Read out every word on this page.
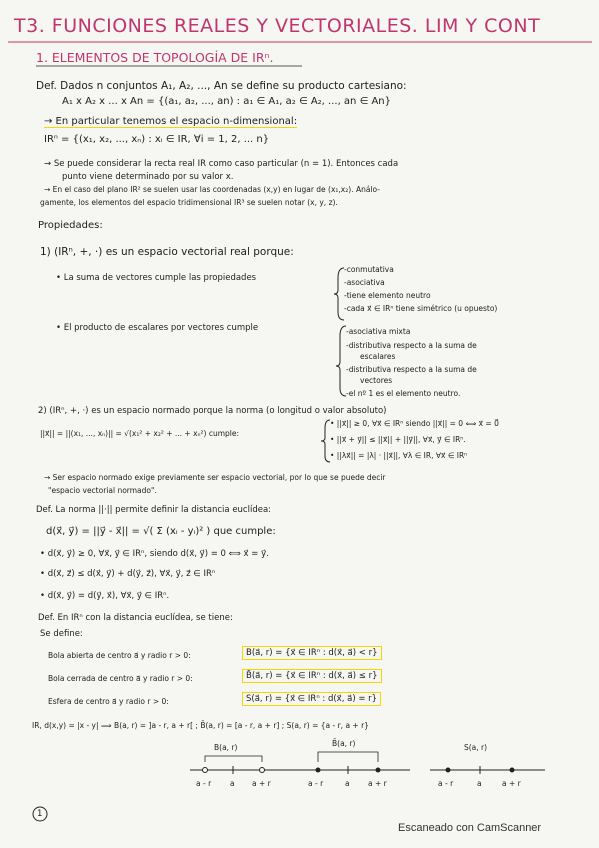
T3. FUNCIONES REALES Y VECTORIALES. LIM Y CONT
1. ELEMENTOS DE TOPOLOGÍA DE IRⁿ.
Def. Dados n conjuntos A₁, A₂, ..., An se define su producto cartesiano:
A₁ x A₂ x ... x An = {(a₁, a₂, ..., an) : a₁ ∈ A₁, a₂ ∈ A₂, ..., an ∈ An}
→ En particular tenemos el espacio n-dimensional:
IRⁿ = {(x₁, x₂, ..., xₙ) : xᵢ ∈ IR, ∀i = 1, 2, ... n}
→ Se puede considerar la recta real IR como caso particular (n = 1). Entonces cada
punto viene determinado por su valor x.
→ En el caso del plano IR² se suelen usar las coordenadas (x,y) en lugar de (x₁,x₂). Análo-
gamente, los elementos del espacio tridimensional IR³ se suelen notar (x, y, z).
Propiedades:
1) (IRⁿ, +, ·) es un espacio vectorial real porque:
• La suma de vectores cumple las propiedades
-conmutativa
-asociativa
-tiene elemento neutro
-cada x⃗ ∈ IRⁿ tiene simétrico (u opuesto)
• El producto de escalares por vectores cumple	-asociativa mixta
-distributiva respecto a la suma de
escalares
-distributiva respecto a la suma de
vectores
-el nº 1 es el elemento neutro.
2) (IRⁿ, +, ·) es un espacio normado porque la norma (o longitud o valor absoluto)
||x⃗|| = ||(x₁, ..., xₙ)|| = √(x₁² + x₂² + ... + xₙ²) cumple:
• ||x⃗|| ≥ 0, ∀x⃗ ∈ IRⁿ siendo ||x⃗|| = 0 ⟺ x⃗ = 0⃗
• ||x⃗ + y⃗|| ≤ ||x⃗|| + ||y⃗||, ∀x⃗, y⃗ ∈ IRⁿ.
• ||λx⃗|| = |λ| · ||x⃗||, ∀λ ∈ IR, ∀x⃗ ∈ IRⁿ
→ Ser espacio normado exige previamente ser espacio vectorial, por lo que se puede decir
"espacio vectorial normado".
Def. La norma ||·|| permite definir la distancia euclídea:
d(x⃗, y⃗) = ||y⃗ - x⃗|| = √( Σ (xᵢ - yᵢ)² ) que cumple:
• d(x⃗, y⃗) ≥ 0, ∀x⃗, y⃗ ∈ IRⁿ, siendo d(x⃗, y⃗) = 0 ⟺ x⃗ = y⃗.
• d(x⃗, z⃗) ≤ d(x⃗, y⃗) + d(y⃗, z⃗), ∀x⃗, y⃗, z⃗ ∈ IRⁿ
• d(x⃗, y⃗) = d(y⃗, x⃗), ∀x⃗, y⃗ ∈ IRⁿ.
Def. En IRⁿ con la distancia euclídea, se tiene:
Se define:
Bola abierta de centro a⃗ y radio r > 0:	B(a⃗, r) = {x⃗ ∈ IRⁿ : d(x⃗, a⃗) < r}
Bola cerrada de centro a⃗ y radio r > 0:	B̄(a⃗, r) = {x⃗ ∈ IRⁿ : d(x⃗, a⃗) ≤ r}
Esfera de centro a⃗ y radio r > 0:	S(a⃗, r) = {x⃗ ∈ IRⁿ : d(x⃗, a⃗) = r}
IR, d(x,y) = |x - y| ⟹ B(a, r) = ]a - r, a + r[ ; B̄(a, r) = [a - r, a + r] ; S(a, r) = {a - r, a + r}
B(a, r)
a - r	a a + r
B̄(a, r)
a - r	a a + r
S(a, r)
a - r	a	a + r
1
Escaneado con CamScanner
